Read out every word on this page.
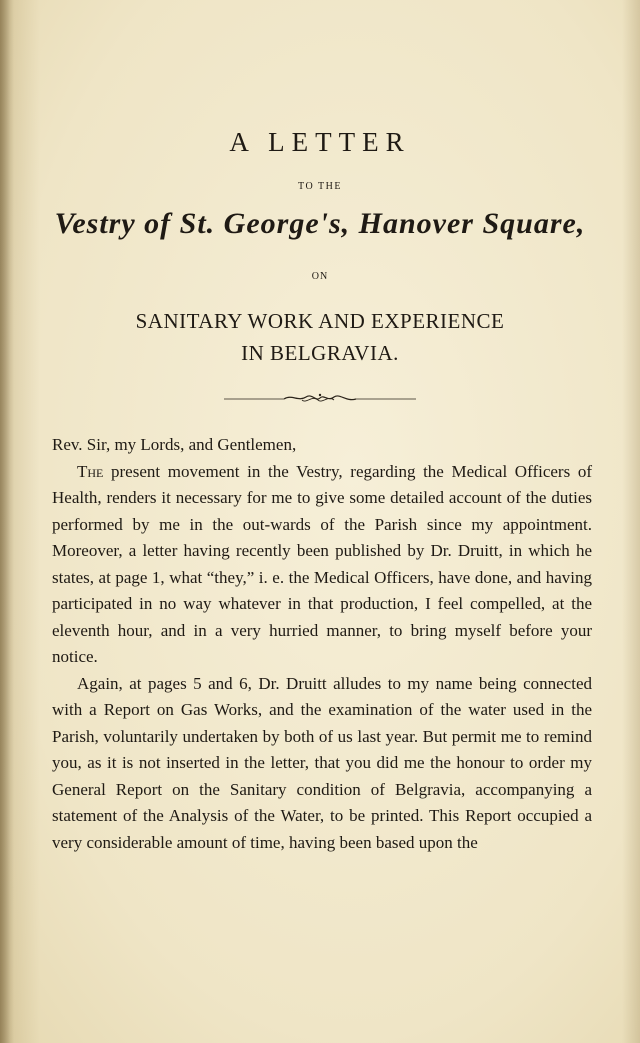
A LETTER
TO THE
Vestry of St. George's, Hanover Square,
ON
SANITARY WORK AND EXPERIENCE
IN BELGRAVIA.

Rev. Sir, my Lords, and Gentlemen,

The present movement in the Vestry, regarding the Medical Officers of Health, renders it necessary for me to give some detailed account of the duties performed by me in the out-wards of the Parish since my appointment. Moreover, a letter having recently been published by Dr. Druitt, in which he states, at page 1, what “they,” i. e. the Medical Officers, have done, and having participated in no way whatever in that production, I feel compelled, at the eleventh hour, and in a very hurried manner, to bring myself before your notice.

Again, at pages 5 and 6, Dr. Druitt alludes to my name being connected with a Report on Gas Works, and the examination of the water used in the Parish, voluntarily undertaken by both of us last year. But permit me to remind you, as it is not inserted in the letter, that you did me the honour to order my General Report on the Sanitary condition of Belgravia, accompanying a statement of the Analysis of the Water, to be printed. This Report occupied a very considerable amount of time, having been based upon the
